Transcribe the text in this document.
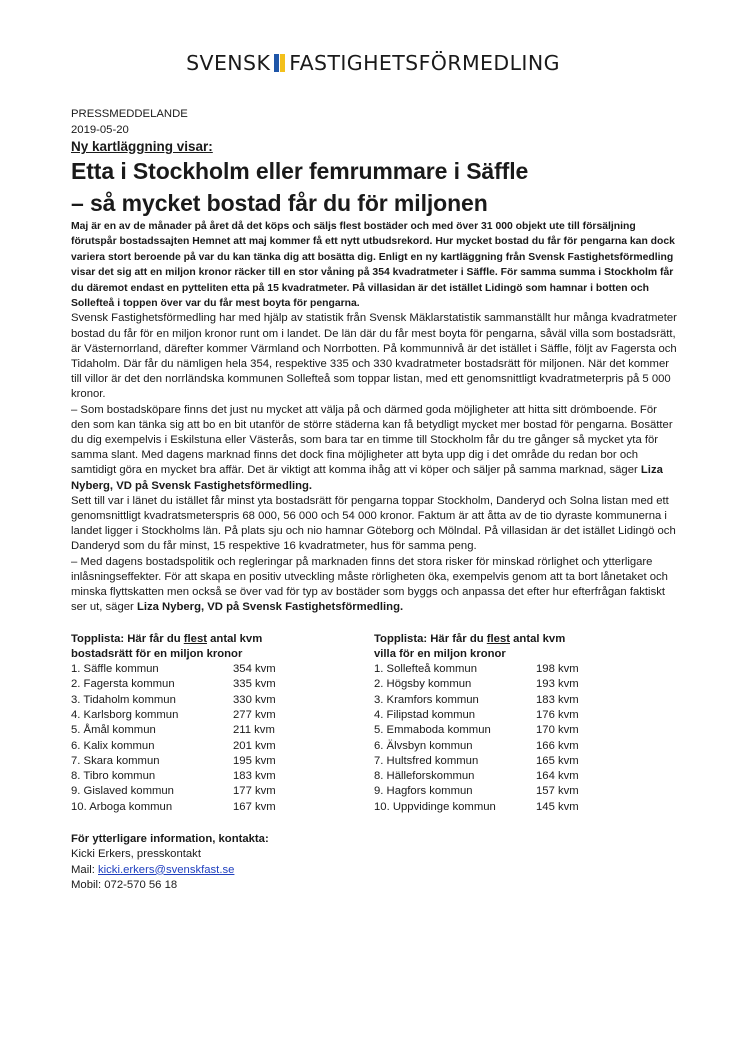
SVENSK FASTIGHETSFÖRMEDLING

PRESSMEDDELANDE

2019-05-20

Ny kartläggning visar:

Etta i Stockholm eller femrummare i Säffle

– så mycket bostad får du för miljonen

Maj är en av de månader på året då det köps och säljs flest bostäder och med över 31 000 objekt ute till försäljning förutspår bostadssajten Hemnet att maj kommer få ett nytt utbudsrekord. Hur mycket bostad du får för pengarna kan dock variera stort beroende på var du kan tänka dig att bosätta dig. Enligt en ny kartläggning från Svensk Fastighetsförmedling visar det sig att en miljon kronor räcker till en stor våning på 354 kvadratmeter i Säffle. För samma summa i Stockholm får du däremot endast en pytteliten etta på 15 kvadratmeter. På villasidan är det istället Lidingö som hamnar i botten och Sollefteå i toppen över var du får mest boyta för pengarna.

Svensk Fastighetsförmedling har med hjälp av statistik från Svensk Mäklarstatistik sammanställt hur många kvadratmeter bostad du får för en miljon kronor runt om i landet. De län där du får mest boyta för pengarna, såväl villa som bostadsrätt, är Västernorrland, därefter kommer Värmland och Norrbotten. På kommunnivå är det istället i Säffle, följt av Fagersta och Tidaholm. Där får du nämligen hela 354, respektive 335 och 330 kvadratmeter bostadsrätt för miljonen. När det kommer till villor är det den norrländska kommunen Sollefteå som toppar listan, med ett genomsnittligt kvadratmeterpris på 5 000 kronor.

– Som bostadsköpare finns det just nu mycket att välja på och därmed goda möjligheter att hitta sitt drömboende. För den som kan tänka sig att bo en bit utanför de större städerna kan få betydligt mycket mer bostad för pengarna. Bosätter du dig exempelvis i Eskilstuna eller Västerås, som bara tar en timme till Stockholm får du tre gånger så mycket yta för samma slant. Med dagens marknad finns det dock fina möjligheter att byta upp dig i det område du redan bor och samtidigt göra en mycket bra affär. Det är viktigt att komma ihåg att vi köper och säljer på samma marknad, säger Liza Nyberg, VD på Svensk Fastighetsförmedling.

Sett till var i länet du istället får minst yta bostadsrätt för pengarna toppar Stockholm, Danderyd och Solna listan med ett genomsnittligt kvadratsmeterspris 68 000, 56 000 och 54 000 kronor. Faktum är att åtta av de tio dyraste kommunerna i landet ligger i Stockholms län. På plats sju och nio hamnar Göteborg och Mölndal. På villasidan är det istället Lidingö och Danderyd som du får minst, 15 respektive 16 kvadratmeter, hus för samma peng.

– Med dagens bostadspolitik och regleringar på marknaden finns det stora risker för minskad rörlighet och ytterligare inlåsningseffekter. För att skapa en positiv utveckling måste rörligheten öka, exempelvis genom att ta bort lånetaket och minska flyttskatten men också se över vad för typ av bostäder som byggs och anpassa det efter hur efterfrågan faktiskt ser ut, säger Liza Nyberg, VD på Svensk Fastighetsförmedling.

Topplista: Här får du flest antal kvm
bostadsrätt för en miljon kronor
1. Säffle kommun	354 kvm
2. Fagersta kommun	335 kvm
3. Tidaholm kommun	330 kvm
4. Karlsborg kommun	277 kvm
5. Åmål kommun	211 kvm
6. Kalix kommun	201 kvm
7. Skara kommun	195 kvm
8. Tibro kommun	183 kvm
9. Gislaved kommun	177 kvm
10. Arboga kommun	167 kvm
Topplista: Här får du flest antal kvm
villa för en miljon kronor
1. Sollefteå kommun	198 kvm
2. Högsby kommun	193 kvm
3. Kramfors kommun	183 kvm
4. Filipstad kommun	176 kvm
5. Emmaboda kommun	170 kvm
6. Älvsbyn kommun	166 kvm
7. Hultsfred kommun	165 kvm
8. Hälleforskommun	164 kvm
9. Hagfors kommun	157 kvm
10. Uppvidinge kommun	145 kvm
För ytterligare information, kontakta:
Kicki Erkers, presskontakt
Mail: kicki.erkers@svenskfast.se
Mobil: 072-570 56 18
